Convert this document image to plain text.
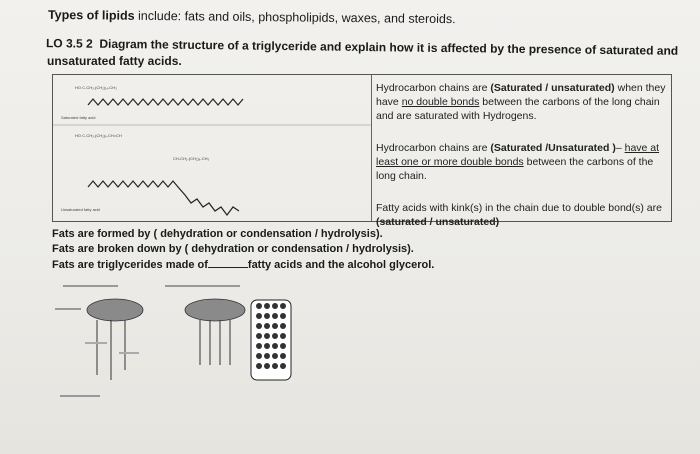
Types of lipids include: fats and oils, phospholipids, waxes, and steroids.
LO 3.5 2 Diagram the structure of a triglyceride and explain how it is affected by the presence of saturated and
unsaturated fatty acids.
Hydrocarbon chains are (Saturated / unsaturated) when they have no double bonds between the carbons of the long chain and are saturated with Hydrogens.
Hydrocarbon chains are (Saturated /Unsaturated )– have at least one or more double bonds between the carbons of the long chain.
Fatty acids with kink(s) in the chain due to double bond(s) are (saturated / unsaturated)
HO C-CH₂-(CH₂)₁₄-CH₃
Saturated fatty acid
HO C-CH₂-(CH₂)₆-CH=CH
CH-CH₂-(CH₂)₆-CH₃
Unsaturated fatty acid
Fats are formed by ( dehydration or condensation / hydrolysis).
Fats are broken down by ( dehydration or condensation / hydrolysis).
Fats are triglycerides made of	fatty acids and the alcohol glycerol.
